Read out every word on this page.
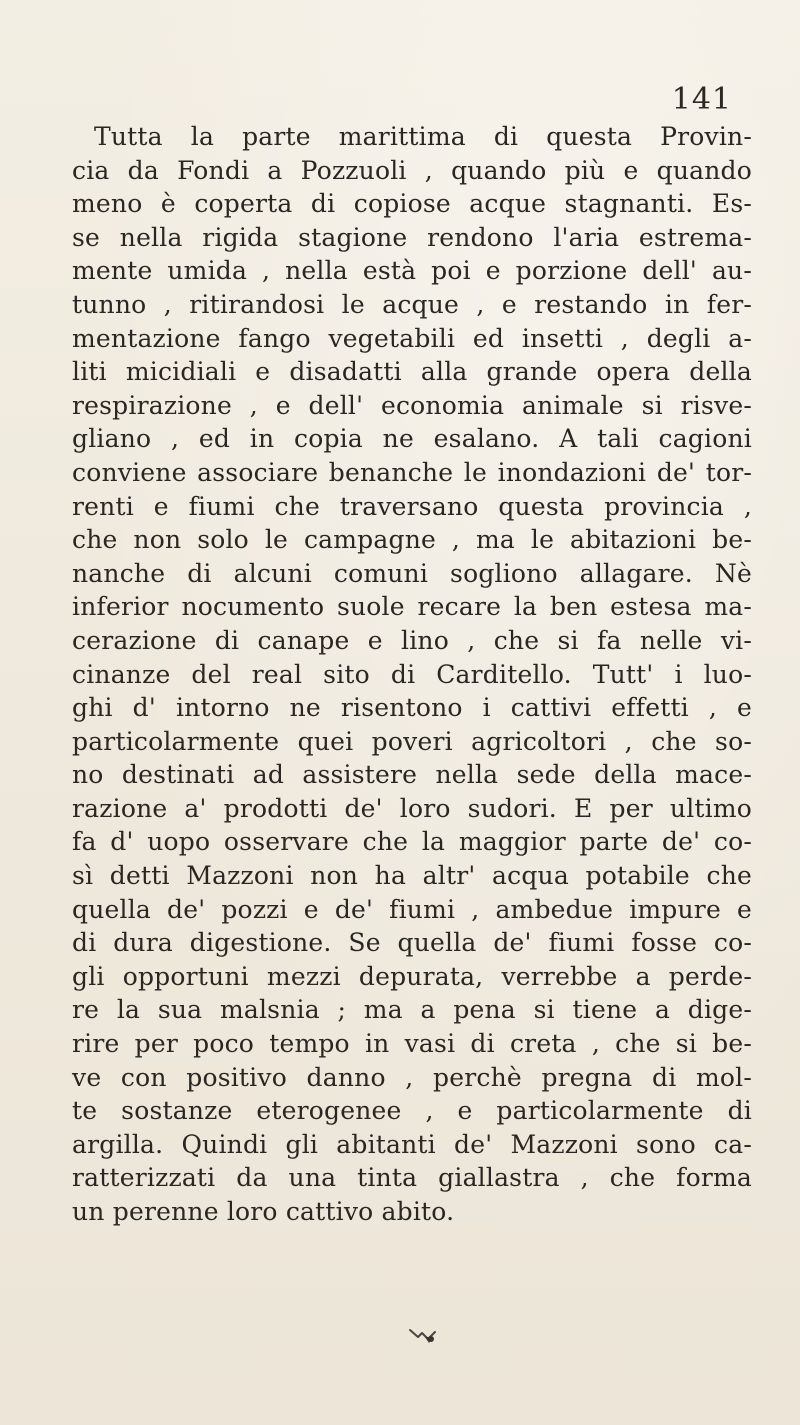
141
Tutta la parte marittima di questa Provin-
cia da Fondi a Pozzuoli , quando più e quando
meno è coperta di copiose acque stagnanti. Es-
se nella rigida stagione rendono l'aria estrema-
mente umida , nella està poi e porzione dell' au-
tunno , ritirandosi le acque , e restando in fer-
mentazione fango vegetabili ed insetti , degli a-
liti micidiali e disadatti alla grande opera della
respirazione , e dell' economia animale si risve-
gliano , ed in copia ne esalano. A tali cagioni
conviene associare benanche le inondazioni de' tor-
renti e fiumi che traversano questa provincia ,
che non solo le campagne , ma le abitazioni be-
nanche di alcuni comuni sogliono allagare. Nè
inferior nocumento suole recare la ben estesa ma-
cerazione di canape e lino , che si fa nelle vi-
cinanze del real sito di Carditello. Tutt' i luo-
ghi d' intorno ne risentono i cattivi effetti , e
particolarmente quei poveri agricoltori , che so-
no destinati ad assistere nella sede della mace-
razione a' prodotti de' loro sudori. E per ultimo
fa d' uopo osservare che la maggior parte de' co-
sì detti Mazzoni non ha altr' acqua potabile che
quella de' pozzi e de' fiumi , ambedue impure e
di dura digestione. Se quella de' fiumi fosse co-
gli opportuni mezzi depurata, verrebbe a perde-
re la sua malsnia ; ma a pena si tiene a dige-
rire per poco tempo in vasi di creta , che si be-
ve con positivo danno , perchè pregna di mol-
te sostanze eterogenee , e particolarmente di
argilla. Quindi gli abitanti de' Mazzoni sono ca-
ratterizzati da una tinta giallastra , che forma
un perenne loro cattivo abito.
